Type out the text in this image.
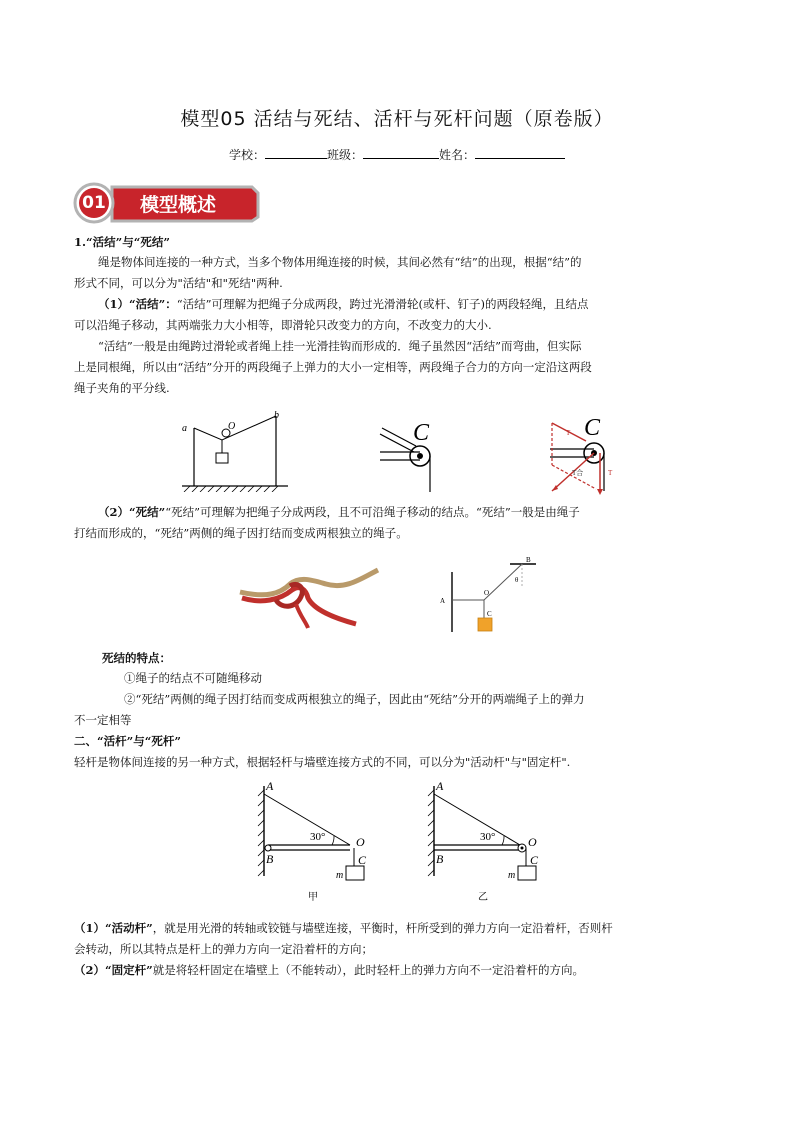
模型05 活结与死结、活杆与死杆问题（原卷版）
学校：	班级：	姓名：
01 模型概述
1.“活结”与“死结”
绳是物体间连接的一种方式，当多个物体用绳连接的时候，其间必然有“结”的出现，根据“结”的
形式不同，可以分为"活结"和"死结"两种.
（1）“活结”：“活结”可理解为把绳子分成两段，跨过光滑滑轮(或杆、钉子)的两段轻绳，且结点
可以沿绳子移动，其两端张力大小相等，即滑轮只改变力的方向，不改变力的大小.
“活结”一般是由绳跨过滑轮或者绳上挂一光滑挂钩而形成的．绳子虽然因“活结”而弯曲，但实际
上是同根绳，所以由“活结”分开的两段绳子上弹力的大小一定相等，两段绳子合力的方向一定沿这两段
绳子夹角的平分线.
a
b
O	C	C
T
T
T合
（2）“死结”“死结”可理解为把绳子分成两段，且不可沿绳子移动的结点。“死结”一般是由绳子
打结而形成的，“死结”两侧的绳子因打结而变成两根独立的绳子。
A
B
O
C
θ
死结的特点：
①绳子的结点不可随绳移动
②“死结”两侧的绳子因打结而变成两根独立的绳子，因此由“死结”分开的两端绳子上的弹力
不一定相等
二、“活杆”与“死杆”
轻杆是物体间连接的另一种方式，根据轻杆与墙壁连接方式的不同，可以分为"活动杆"与"固定杆".
A
O
B	C
m
30°
甲
A
O
B	C
m
30°
乙
（1）“活动杆”，就是用光滑的转轴或铰链与墙壁连接，平衡时，杆所受到的弹力方向一定沿着杆，否则杆
会转动，所以其特点是杆上的弹力方向一定沿着杆的方向；
（2）“固定杆”就是将轻杆固定在墙壁上（不能转动），此时轻杆上的弹力方向不一定沿着杆的方向。
